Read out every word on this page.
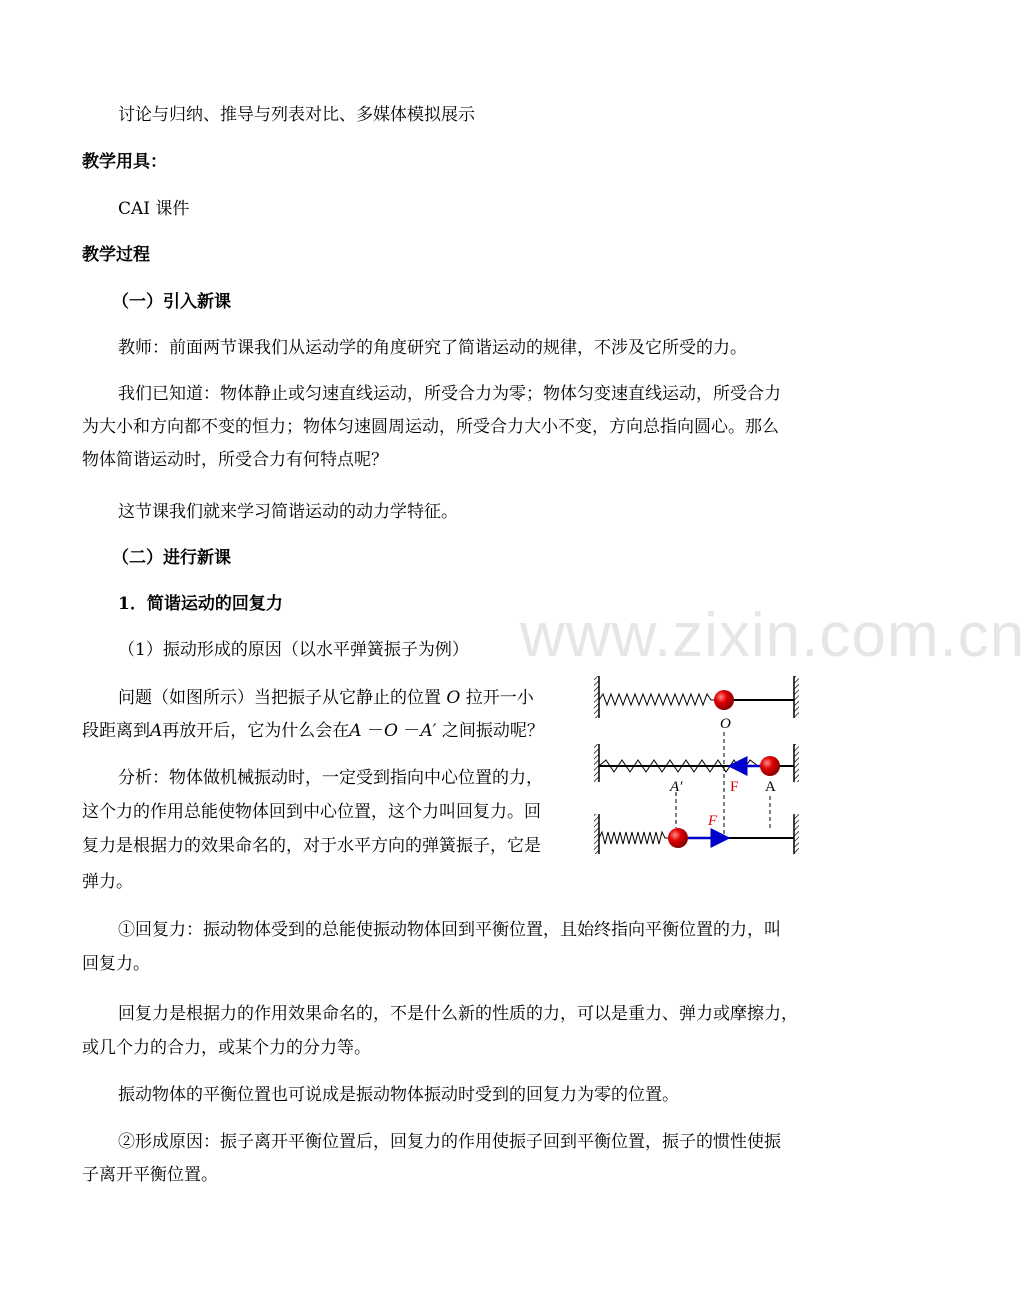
www.zixin.com.cn
讨论与归纳、推导与列表对比、多媒体模拟展示
教学用具：
CAI 课件
教学过程
（一）引入新课
教师：前面两节课我们从运动学的角度研究了简谐运动的规律，不涉及它所受的力。
我们已知道：物体静止或匀速直线运动，所受合力为零；物体匀变速直线运动，所受合力
为大小和方向都不变的恒力；物体匀速圆周运动，所受合力大小不变，方向总指向圆心。那么
物体简谐运动时，所受合力有何特点呢？
这节课我们就来学习简谐运动的动力学特征。
（二）进行新课
1．简谐运动的回复力
（1）振动形成的原因（以水平弹簧振子为例）
问题（如图所示）当把振子从它静止的位置 O 拉开一小
段距离到A再放开后，它为什么会在A －O －A′ 之间振动呢？
分析：物体做机械振动时，一定受到指向中心位置的力，
这个力的作用总能使物体回到中心位置，这个力叫回复力。回
复力是根据力的效果命名的，对于水平方向的弹簧振子，它是
弹力。
①回复力：振动物体受到的总能使振动物体回到平衡位置，且始终指向平衡位置的力，叫
回复力。
回复力是根据力的作用效果命名的，不是什么新的性质的力，可以是重力、弹力或摩擦力，
或几个力的合力，或某个力的分力等。
振动物体的平衡位置也可说成是振动物体振动时受到的回复力为零的位置。
②形成原因：振子离开平衡位置后，回复力的作用使振子回到平衡位置，振子的惯性使振
子离开平衡位置。
O
A′	F A
F
